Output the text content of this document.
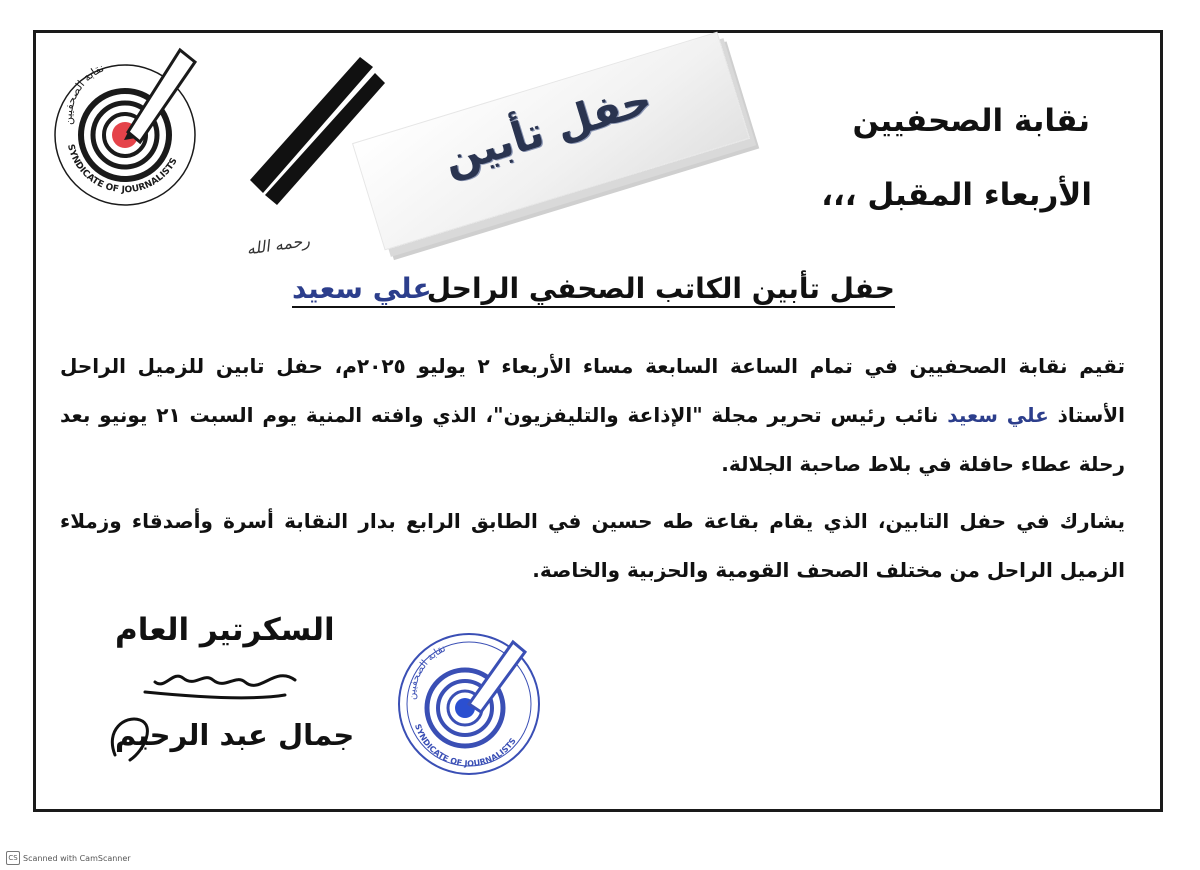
نقابة الصحفيين
SYNDICATE OF JOURNALISTS	حفل تأبين	نقابة الصحفيين
الأربعاء المقبل ،،،
رحمه الله
علي سعيد
حفل تأبين الكاتب الصحفي الراحل
تقيم نقابة الصحفيين في تمام الساعة السابعة مساء الأربعاء ٢ يوليو ٢٠٢٥م، حفل تابين للزميل الراحل الأستاذ علي سعيد نائب رئيس تحرير مجلة "الإذاعة والتليفزيون"، الذي وافته المنية يوم السبت ٢١ يونيو بعد رحلة عطاء حافلة في بلاط صاحبة الجلالة.
يشارك في حفل التابين، الذي يقام بقاعة طه حسين في الطابق الرابع بدار النقابة أسرة وأصدقاء وزملاء الزميل الراحل من مختلف الصحف القومية والحزبية والخاصة.
السكرتير العام
جمال عبد الرحيم
نقابة الصحفيين
SYNDICATE OF JOURNALISTS
CS Scanned with CamScanner
